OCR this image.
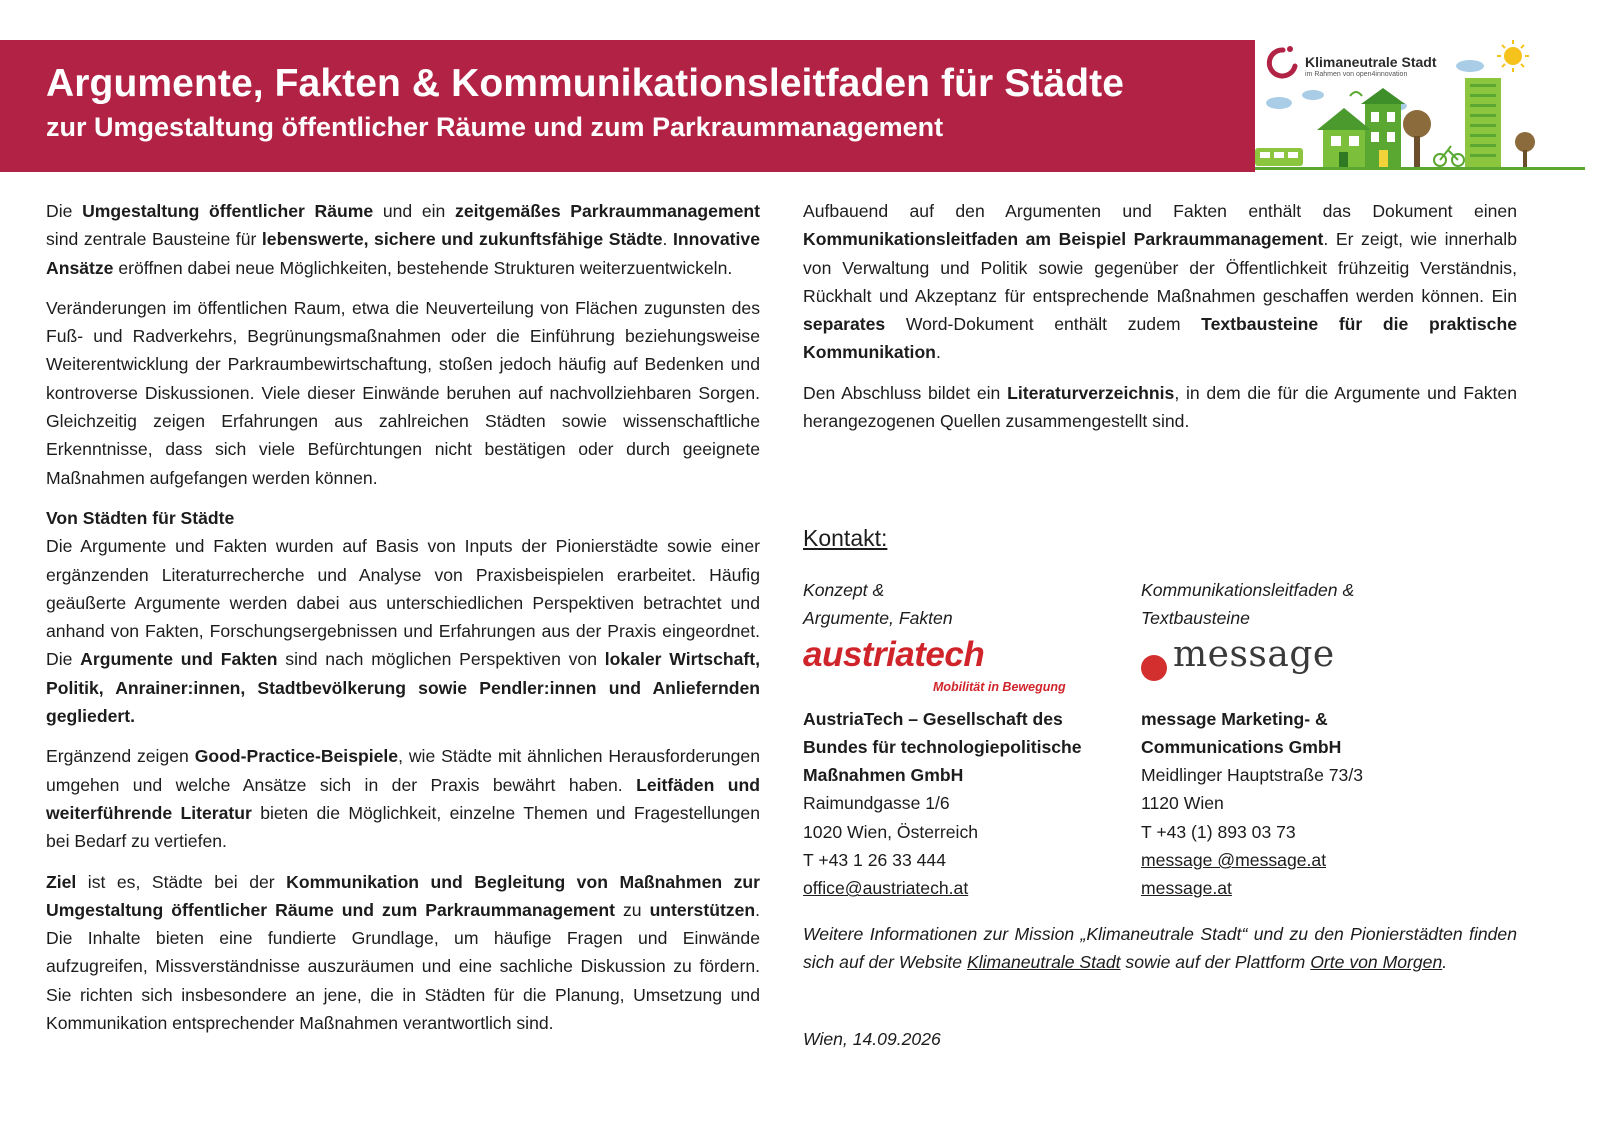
Argumente, Fakten & Kommunikationsleitfaden für Städte
zur Umgestaltung öffentlicher Räume und zum Parkraummanagement
Klimaneutrale Stadt
im Rahmen von open4innovation

Die Umgestaltung öffentlicher Räume und ein zeitgemäßes Parkraummanagement sind zentrale Bausteine für lebenswerte, sichere und zukunftsfähige Städte. Innovative Ansätze eröffnen dabei neue Möglichkeiten, bestehende Strukturen weiterzuentwickeln.

Veränderungen im öffentlichen Raum, etwa die Neuverteilung von Flächen zugunsten des Fuß- und Radverkehrs, Begrünungsmaßnahmen oder die Einführung beziehungsweise Weiterentwicklung der Parkraumbewirtschaftung, stoßen jedoch häufig auf Bedenken und kontroverse Diskussionen. Viele dieser Einwände beruhen auf nachvollziehbaren Sorgen. Gleichzeitig zeigen Erfahrungen aus zahlreichen Städten sowie wissenschaftliche Erkenntnisse, dass sich viele Befürchtungen nicht bestätigen oder durch geeignete Maßnahmen aufgefangen werden können.

Von Städten für Städte

Die Argumente und Fakten wurden auf Basis von Inputs der Pionierstädte sowie einer ergänzenden Literaturrecherche und Analyse von Praxisbeispielen erarbeitet. Häufig geäußerte Argumente werden dabei aus unterschiedlichen Perspektiven betrachtet und anhand von Fakten, Forschungsergebnissen und Erfahrungen aus der Praxis eingeordnet. Die Argumente und Fakten sind nach möglichen Perspektiven von lokaler Wirtschaft, Politik, Anrainer:innen, Stadtbevölkerung sowie Pendler:innen und Anliefernden gegliedert.

Ergänzend zeigen Good-Practice-Beispiele, wie Städte mit ähnlichen Herausforderungen umgehen und welche Ansätze sich in der Praxis bewährt haben. Leitfäden und weiterführende Literatur bieten die Möglichkeit, einzelne Themen und Fragestellungen bei Bedarf zu vertiefen.

Ziel ist es, Städte bei der Kommunikation und Begleitung von Maßnahmen zur Umgestaltung öffentlicher Räume und zum Parkraummanagement zu unterstützen. Die Inhalte bieten eine fundierte Grundlage, um häufige Fragen und Einwände aufzugreifen, Missverständnisse auszuräumen und eine sachliche Diskussion zu fördern. Sie richten sich insbesondere an jene, die in Städten für die Planung, Umsetzung und Kommunikation entsprechender Maßnahmen verantwortlich sind.

Aufbauend auf den Argumenten und Fakten enthält das Dokument einen Kommunikationsleitfaden am Beispiel Parkraummanagement. Er zeigt, wie innerhalb von Verwaltung und Politik sowie gegenüber der Öffentlichkeit frühzeitig Verständnis, Rückhalt und Akzeptanz für entsprechende Maßnahmen geschaffen werden können. Ein separates Word-Dokument enthält zudem Textbausteine für die praktische Kommunikation.

Den Abschluss bildet ein Literaturverzeichnis, in dem die für die Argumente und Fakten herangezogenen Quellen zusammengestellt sind.

Kontakt:
Konzept &
Argumente, Fakten
austriatech
Mobilität in Bewegung
AustriaTech – Gesellschaft des
Bundes für technologiepolitische
Maßnahmen GmbH
Raimundgasse 1/6
1020 Wien, Österreich
T +43 1 26 33 444
office@austriatech.at
Kommunikationsleitfaden &
Textbausteine
message
message Marketing- &
Communications GmbH
Meidlinger Hauptstraße 73/3
1120 Wien
T +43 (1) 893 03 73
message @message.at
message.at
Weitere Informationen zur Mission „Klimaneutrale Stadt“ und zu den Pionierstädten finden sich auf der Website Klimaneutrale Stadt sowie auf der Plattform Orte von Morgen.
Wien, 14.09.2026
